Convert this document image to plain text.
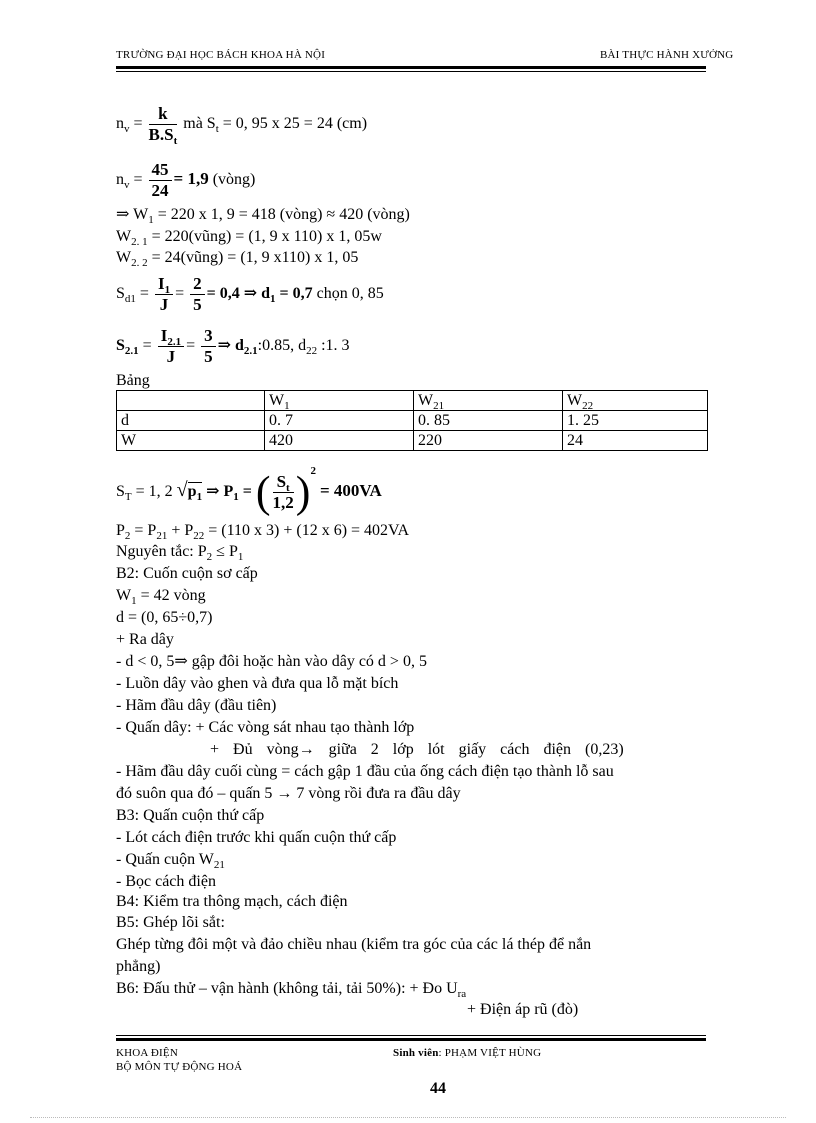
TRƯỜNG ĐẠI HỌC BÁCH KHOA HÀ NỘI	BÀI THỰC HÀNH XƯỞNG
$n_v = \frac{k}{B.S_t}$ mà $S_t = 0$, 95 x 25 = 24 (cm)
$n_v = \frac{45}{24} = 1,9$ (vòng)
⇒ $W_1 = 220$ x 1, 9 = 418 (vòng) ≈ 420 (vòng)
$W_{2. 1}$ = 220(vũng) = (1, 9 x 110) x 1, 05w
$W_{2. 2}$ = 24(vũng) = (1, 9 x110) x 1, 05
$S_{d1} = \frac{I_1}{J} = \frac{2}{5} = 0,4$ ⇒ $d_1 = 0,7$ chọn 0, 85
$S_{2.1} = \frac{I_{2.1}}{J} = \frac{3}{5}$ ⇒ $d_{2.1}:0.85$, $d_{22}$ :1. 3
Bảng
	$W_1$	$W_{21}$	$W_{22}$
d	0. 7	0. 85	1. 25
W	420	220	24
$S_T = 1$, 2 $√p_1$ ⇒ $P_1$ = ( $\frac{S_t}{1,2} )^2 = 400VA$
$P_2 = P_{21} + P_{22} = (110$ x 3) + (12 x 6) = 402VA
Nguyên tắc: $P_2 \le P_1$
B2: Cuốn cuộn sơ cấp
$W_1 = 42$ vòng
d = (0, 65÷0,7)
+ Ra dây
- d < 0, 5⇒ gập đôi hoặc hàn vào dây có d > 0, 5
- Luồn dây vào ghen và đưa qua lỗ mặt bích
- Hãm đầu dây (đầu tiên)
- Quấn dây: + Các vòng sát nhau tạo thành lớp
+ Đủ vòng→ giữa 2 lớp lót giấy cách điện (0,23)
- Hãm đầu dây cuối cùng = cách gập 1 đầu của ống cách điện tạo thành lỗ sau
đó suôn qua đó – quấn 5 → 7 vòng rồi đưa ra đầu dây
B3: Quấn cuộn thứ cấp
- Lót cách điện trước khi quấn cuộn thứ cấp
- Quấn cuộn $W_{21}$
- Bọc cách điện
B4: Kiểm tra thông mạch, cách điện
B5: Ghép lõi sắt:
Ghép từng đôi một và đảo chiều nhau (kiểm tra góc của các lá thép để nắn
phẳng)
B6: Đấu thử – vận hành (không tải, tải 50%): + Đo $U_{ra}$
+ Điện áp rũ (đò)
KHOA ĐIỆN
BỘ MÔN TỰ ĐỘNG HOÁ
Sinh viên: PHẠM VIỆT HÙNG
44
